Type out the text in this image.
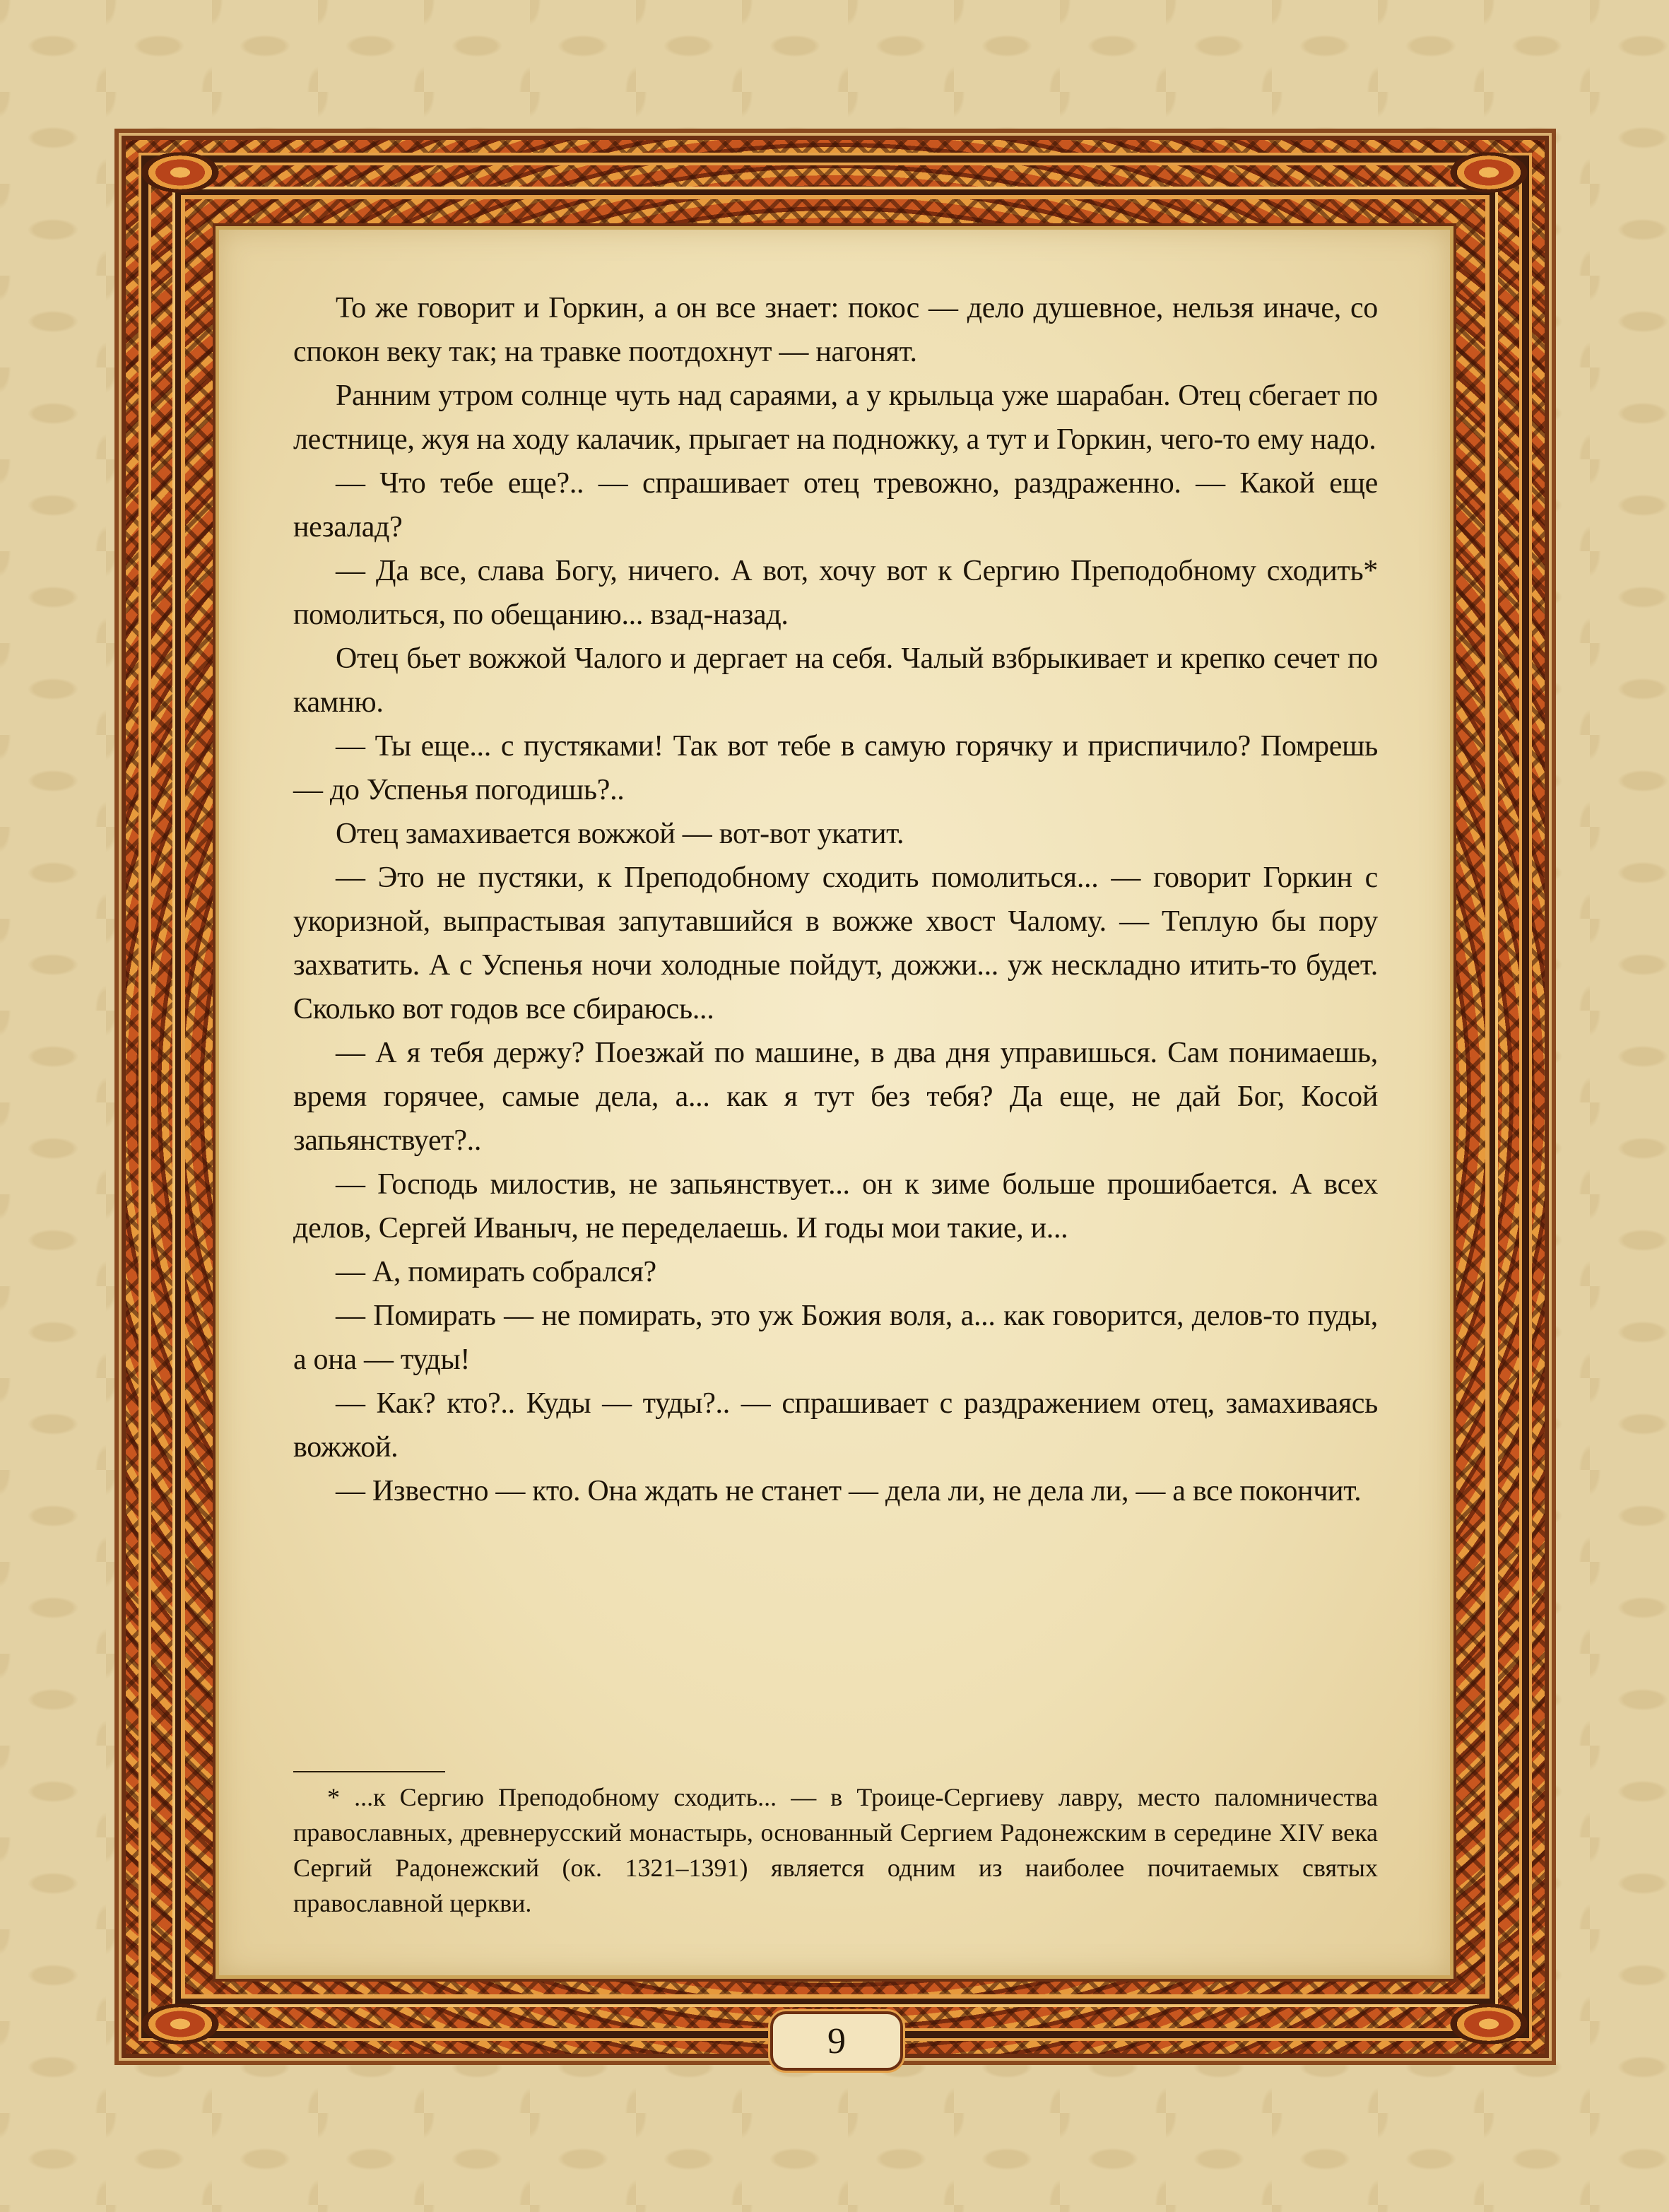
То же говорит и Горкин, а он все знает: покос — дело душевное, нельзя иначе, со спокон веку так; на травке поотдохнут — нагонят.

Ранним утром солнце чуть над сараями, а у крыльца уже шарабан. Отец сбегает по лестнице, жуя на ходу калачик, прыгает на подножку, а тут и Горкин, чего-то ему надо.

— Что тебе еще?.. — спрашивает отец тревожно, раздраженно. — Какой еще незалад?

— Да все, слава Богу, ничего. А вот, хочу вот к Сергию Преподобному сходить* помолиться, по обещанию... взад-назад.

Отец бьет вожжой Чалого и дергает на себя. Чалый взбрыкивает и крепко сечет по камню.

— Ты еще... с пустяками! Так вот тебе в самую горячку и приспичило? Помрешь — до Успенья погодишь?..

Отец замахивается вожжой — вот-вот укатит.

— Это не пустяки, к Преподобному сходить помолиться... — говорит Горкин с укоризной, выпрастывая запутавшийся в вожже хвост Чалому. — Теплую бы пору захватить. А с Успенья ночи холодные пойдут, дожжи... уж нескладно итить-то будет. Сколько вот годов все сбираюсь...

— А я тебя держу? Поезжай по машине, в два дня управишься. Сам понимаешь, время горячее, самые дела, а... как я тут без тебя? Да еще, не дай Бог, Косой запьянствует?..

— Господь милостив, не запьянствует... он к зиме больше прошибается. А всех делов, Сергей Иваныч, не переделаешь. И годы мои такие, и...

— А, помирать собрался?

— Помирать — не помирать, это уж Божия воля, а... как говорится, делов-то пуды, а она — туды!

— Как? кто?.. Куды — туды?.. — спрашивает с раздражением отец, замахиваясь вожжой.

— Известно — кто. Она ждать не станет — дела ли, не дела ли, — а все покончит.

* ...к Сергию Преподобному сходить... — в Троице-Сергиеву лавру, место паломничества православных, древнерусский монастырь, основанный Сергием Радонежским в середине XIV века Сергий Радонежский (ок. 1321–1391) является одним из наиболее почитаемых святых православной церкви.

9
